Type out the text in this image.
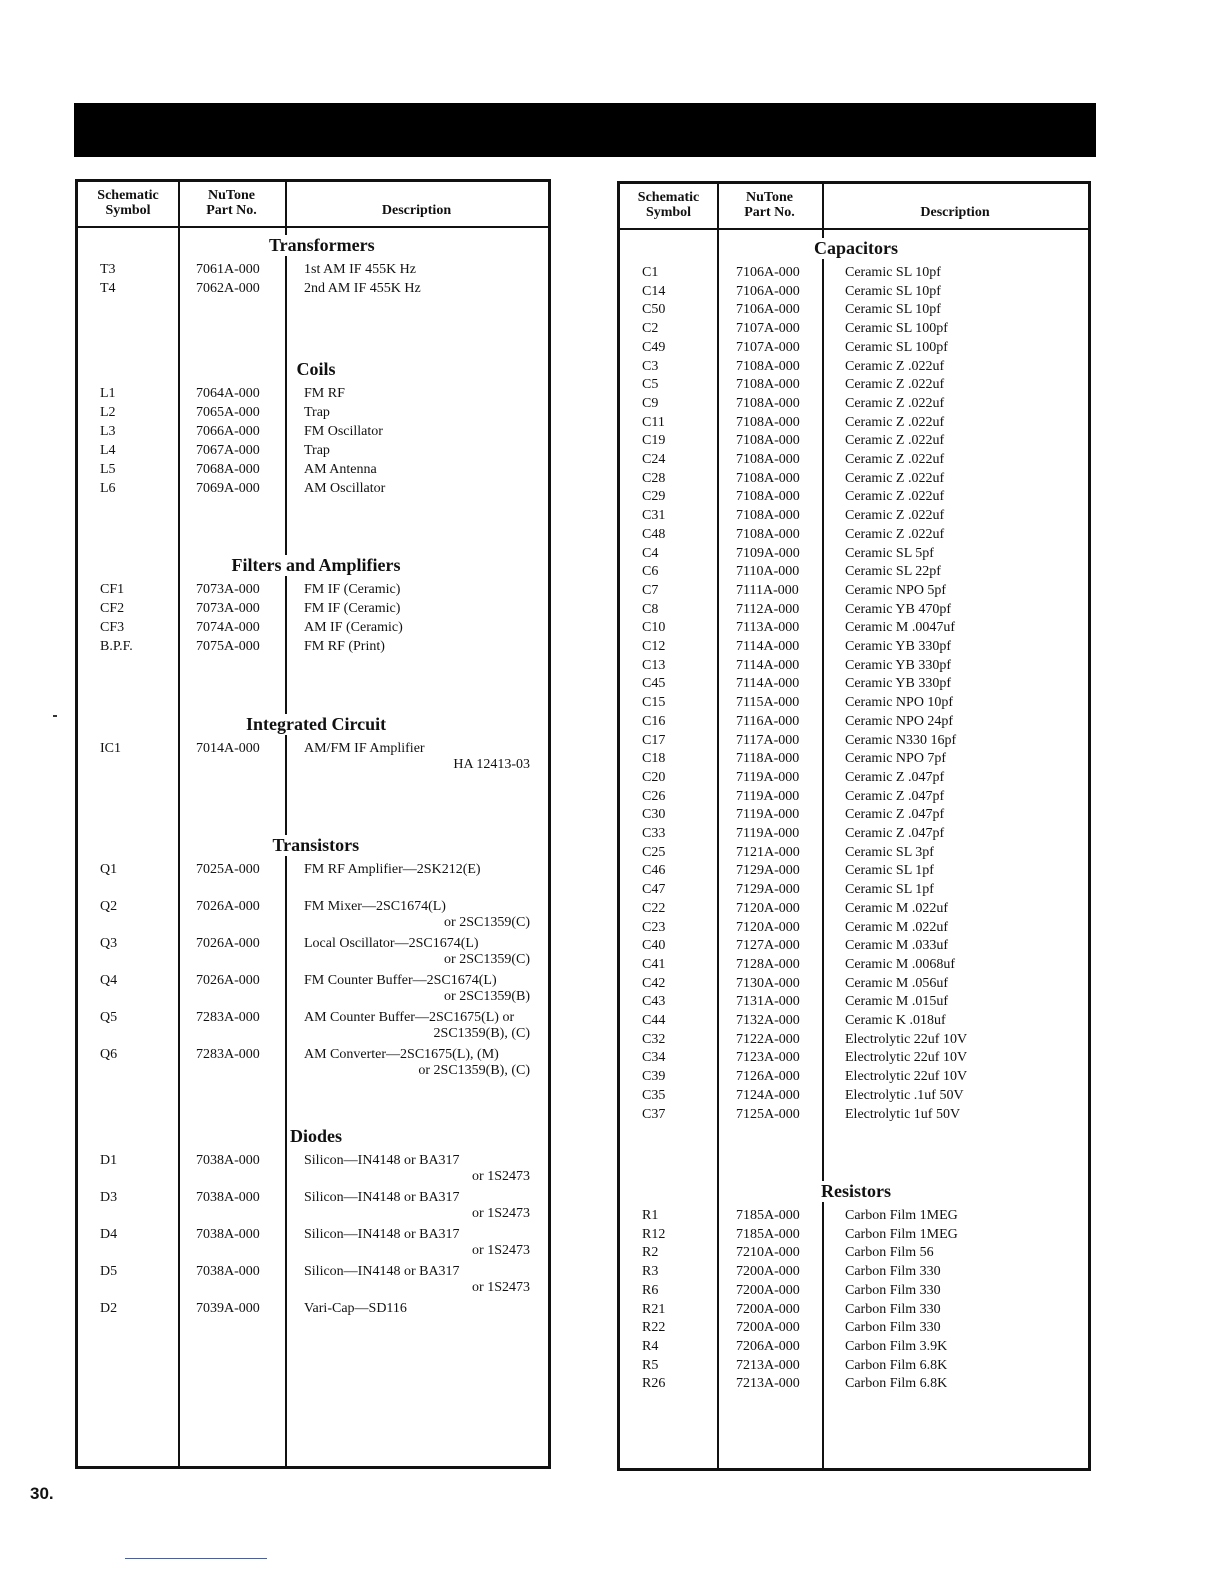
Schematic
Symbol
NuTone
Part No.	Description
Transformers
T3	7061A-000	1st AM IF 455K Hz
T4	7062A-000	2nd AM IF 455K Hz
Coils
L1	7064A-000	FM RF
L2	7065A-000	Trap
L3	7066A-000	FM Oscillator
L4	7067A-000	Trap
L5	7068A-000	AM Antenna
L6	7069A-000	AM Oscillator
Filters and Amplifiers
CF1	7073A-000	FM IF (Ceramic)
CF2	7073A-000	FM IF (Ceramic)
CF3	7074A-000	AM IF (Ceramic)
B.P.F.	7075A-000	FM RF (Print)
Integrated Circuit
IC1	7014A-000	AM/FM IF Amplifier
HA 12413-03
Transistors
Q1	7025A-000	FM RF Amplifier—2SK212(E)
Q2	7026A-000	FM Mixer—2SC1674(L)
or 2SC1359(C)
Q3	7026A-000	Local Oscillator—2SC1674(L)
or 2SC1359(C)
Q4	7026A-000	FM Counter Buffer—2SC1674(L)
or 2SC1359(B)
Q5	7283A-000	AM Counter Buffer—2SC1675(L) or
2SC1359(B), (C)
Q6	7283A-000	AM Converter—2SC1675(L), (M)
or 2SC1359(B), (C)
Diodes
D1	7038A-000	Silicon—IN4148 or BA317
or 1S2473
D3	7038A-000	Silicon—IN4148 or BA317
or 1S2473
D4	7038A-000	Silicon—IN4148 or BA317
or 1S2473
D5	7038A-000	Silicon—IN4148 or BA317
or 1S2473
D2	7039A-000	Vari-Cap—SD116
Schematic
Symbol
NuTone
Part No.	Description
Capacitors
C1	7106A-000	Ceramic SL 10pf
C14	7106A-000	Ceramic SL 10pf
C50	7106A-000	Ceramic SL 10pf
C2	7107A-000	Ceramic SL 100pf
C49	7107A-000	Ceramic SL 100pf
C3	7108A-000	Ceramic Z .022uf
C5	7108A-000	Ceramic Z .022uf
C9	7108A-000	Ceramic Z .022uf
C11	7108A-000	Ceramic Z .022uf
C19	7108A-000	Ceramic Z .022uf
C24	7108A-000	Ceramic Z .022uf
C28	7108A-000	Ceramic Z .022uf
C29	7108A-000	Ceramic Z .022uf
C31	7108A-000	Ceramic Z .022uf
C48	7108A-000	Ceramic Z .022uf
C4	7109A-000	Ceramic SL 5pf
C6	7110A-000	Ceramic SL 22pf
C7	7111A-000	Ceramic NPO 5pf
C8	7112A-000	Ceramic YB 470pf
C10	7113A-000	Ceramic M .0047uf
C12	7114A-000	Ceramic YB 330pf
C13	7114A-000	Ceramic YB 330pf
C45	7114A-000	Ceramic YB 330pf
C15	7115A-000	Ceramic NPO 10pf
C16	7116A-000	Ceramic NPO 24pf
C17	7117A-000	Ceramic N330 16pf
C18	7118A-000	Ceramic NPO 7pf
C20	7119A-000	Ceramic Z .047pf
C26	7119A-000	Ceramic Z .047pf
C30	7119A-000	Ceramic Z .047pf
C33	7119A-000	Ceramic Z .047pf
C25	7121A-000	Ceramic SL 3pf
C46	7129A-000	Ceramic SL 1pf
C47	7129A-000	Ceramic SL 1pf
C22	7120A-000	Ceramic M .022uf
C23	7120A-000	Ceramic M .022uf
C40	7127A-000	Ceramic M .033uf
C41	7128A-000	Ceramic M .0068uf
C42	7130A-000	Ceramic M .056uf
C43	7131A-000	Ceramic M .015uf
C44	7132A-000	Ceramic K .018uf
C32	7122A-000	Electrolytic 22uf 10V
C34	7123A-000	Electrolytic 22uf 10V
C39	7126A-000	Electrolytic 22uf 10V
C35	7124A-000	Electrolytic .1uf 50V
C37	7125A-000	Electrolytic 1uf 50V
Resistors
R1	7185A-000	Carbon Film 1MEG
R12	7185A-000	Carbon Film 1MEG
R2	7210A-000	Carbon Film 56
R3	7200A-000	Carbon Film 330
R6	7200A-000	Carbon Film 330
R21	7200A-000	Carbon Film 330
R22	7200A-000	Carbon Film 330
R4	7206A-000	Carbon Film 3.9K
R5	7213A-000	Carbon Film 6.8K
R26	7213A-000	Carbon Film 6.8K
30.
